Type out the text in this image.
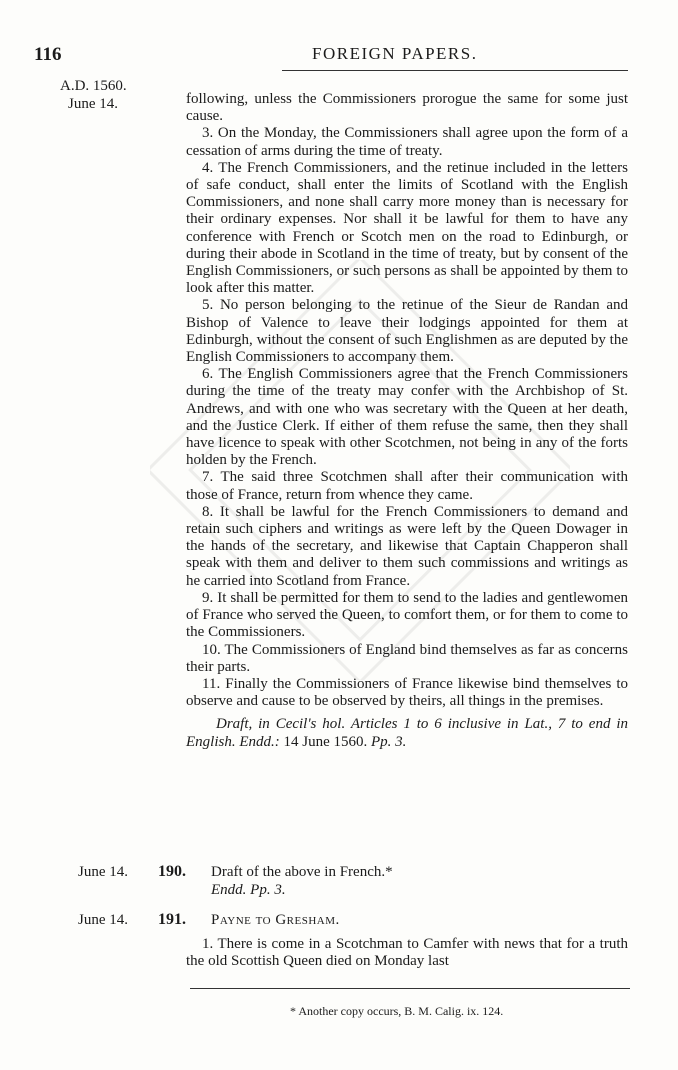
116	FOREIGN PAPERS.
A.D. 1560.
June 14.	following, unless the Commissioners prorogue the same for some just cause.

3. On the Monday, the Commissioners shall agree upon the form of a cessation of arms during the time of treaty.

4. The French Commissioners, and the retinue included in the letters of safe conduct, shall enter the limits of Scotland with the English Commissioners, and none shall carry more money than is necessary for their ordinary expenses. Nor shall it be lawful for them to have any conference with French or Scotch men on the road to Edinburgh, or during their abode in Scotland in the time of treaty, but by consent of the English Commissioners, or such persons as shall be appointed by them to look after this matter.

5. No person belonging to the retinue of the Sieur de Randan and Bishop of Valence to leave their lodgings appointed for them at Edinburgh, without the consent of such Englishmen as are deputed by the English Commissioners to accompany them.

6. The English Commissioners agree that the French Commissioners during the time of the treaty may confer with the Archbishop of St. Andrews, and with one who was secretary with the Queen at her death, and the Justice Clerk. If either of them refuse the same, then they shall have licence to speak with other Scotchmen, not being in any of the forts holden by the French.

7. The said three Scotchmen shall after their communication with those of France, return from whence they came.

8. It shall be lawful for the French Commissioners to demand and retain such ciphers and writings as were left by the Queen Dowager in the hands of the secretary, and likewise that Captain Chapperon shall speak with them and deliver to them such commissions and writings as he carried into Scotland from France.

9. It shall be permitted for them to send to the ladies and gentlewomen of France who served the Queen, to comfort them, or for them to come to the Commissioners.

10. The Commissioners of England bind themselves as far as concerns their parts.

11. Finally the Commissioners of France likewise bind themselves to observe and cause to be observed by theirs, all things in the premises.

Draft, in Cecil's hol. Articles 1 to 6 inclusive in Lat., 7 to end in English. Endd.: 14 June 1560. Pp. 3.

June 14. 190. Draft of the above in French.*
Endd. Pp. 3.
June 14. 191. Payne to Gresham.

1. There is come in a Scotchman to Camfer with news that for a truth the old Scottish Queen died on Monday last

* Another copy occurs, B. M. Calig. ix. 124.
